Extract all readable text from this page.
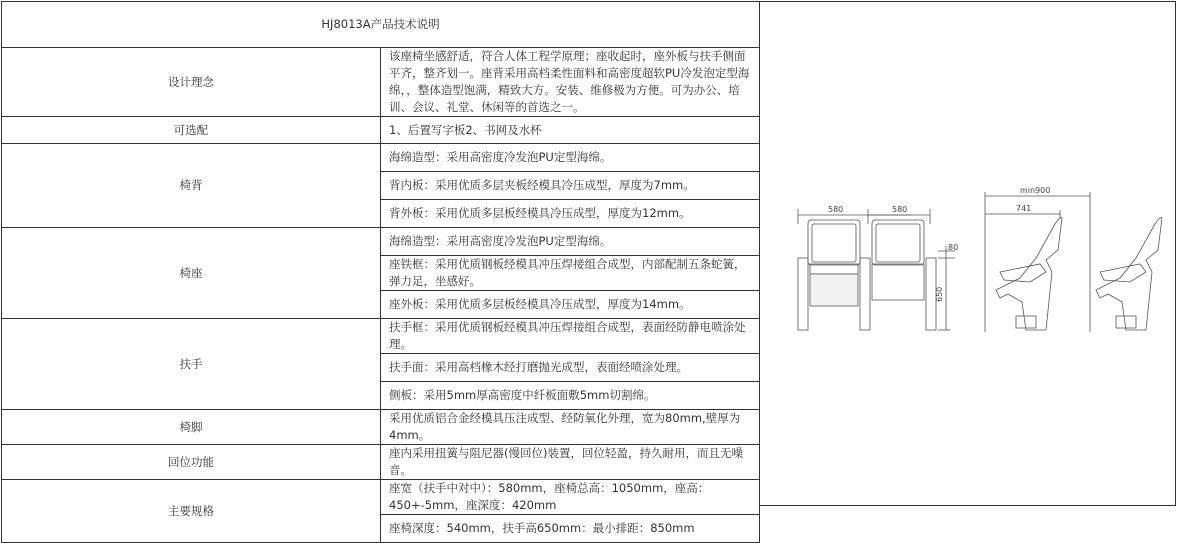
HJ8013A产品技术说明	
设计理念	该座椅坐感舒适，符合人体工程学原理；座收起时，座外板与扶手侧面平齐，整齐划一。座背采用高档柔性面料和高密度超软PU冷发泡定型海绵，，整体造型饱满，精致大方。安装、维修极为方便。可为办公、培训、会议、礼堂、休闲等的首选之一。
可选配	1、后置写字板2、书网及水杯
椅背	海绵造型：采用高密度冷发泡PU定型海绵。
	背内板：采用优质多层夹板经模具冷压成型，厚度为7mm。
	背外板：采用优质多层板经模具冷压成型，厚度为12mm。
椅座	海绵造型：采用高密度冷发泡PU定型海绵。
	座铁框：采用优质钢板经模具冲压焊接组合成型，内部配制五条蛇簧，弹力足，坐感好。
	座外板：采用优质多层板经模具冷压成型，厚度为14mm。
扶手	扶手框：采用优质钢板经模具冲压焊接组合成型，表面经防静电喷涂处理。
	扶手面：采用高档橡木经打磨抛光成型，表面经喷涂处理。
	侧板：采用5mm厚高密度中纤板面敷5mm切割绵。
椅脚	采用优质铝合金经模具压注成型、经防氧化外理，宽为80mm,壁厚为4mm。
回位功能	座内采用扭簧与阻尼器(慢回位)装置，回位轻盈，持久耐用，而且无噪音。
主要规格	座宽（扶手中对中）：580mm，座椅总高：1050mm，座高：450+-5mm，座深度：420mm
	座椅深度：540mm，扶手高650mm：最小排距：850mm
580	580
80
650
min900
741
